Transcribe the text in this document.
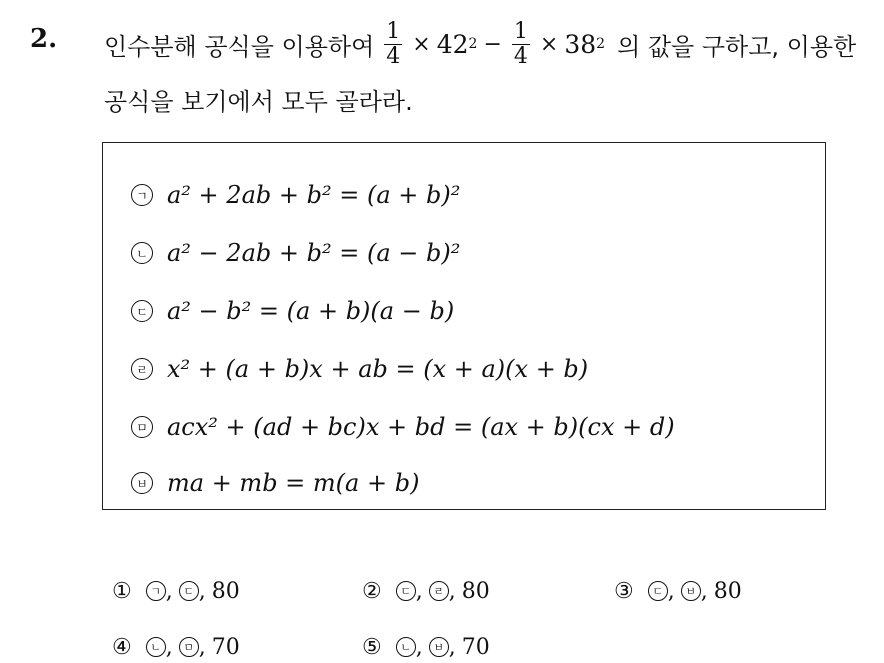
2. 인수분해 공식을 이용하여 $\frac{1}{4} \times 42$ $2 - \frac{1}{4} \times 38$ 2 의 값을 구하고, 이용한
공식을 보기에서 모두 골라라.
ㄱ a² + 2ab + b² = (a + b)²
ㄴ a² − 2ab + b² = (a − b)²
ㄷ a² − b² = (a + b)(a − b)
ㄹ x² + (a + b)x + ab = (x + a)(x + b)
ㅁ acx² + (ad + bc)x + bd = (ax + b)(cx + d)
ㅂ ma + mb = m(a + b)
①	ㄱ , ㄷ , 80	②	ㄷ , ㄹ , 80	③	ㄷ , ㅂ , 80
④	ㄴ , ㅁ , 70	⑤	ㄴ , ㅂ , 70
